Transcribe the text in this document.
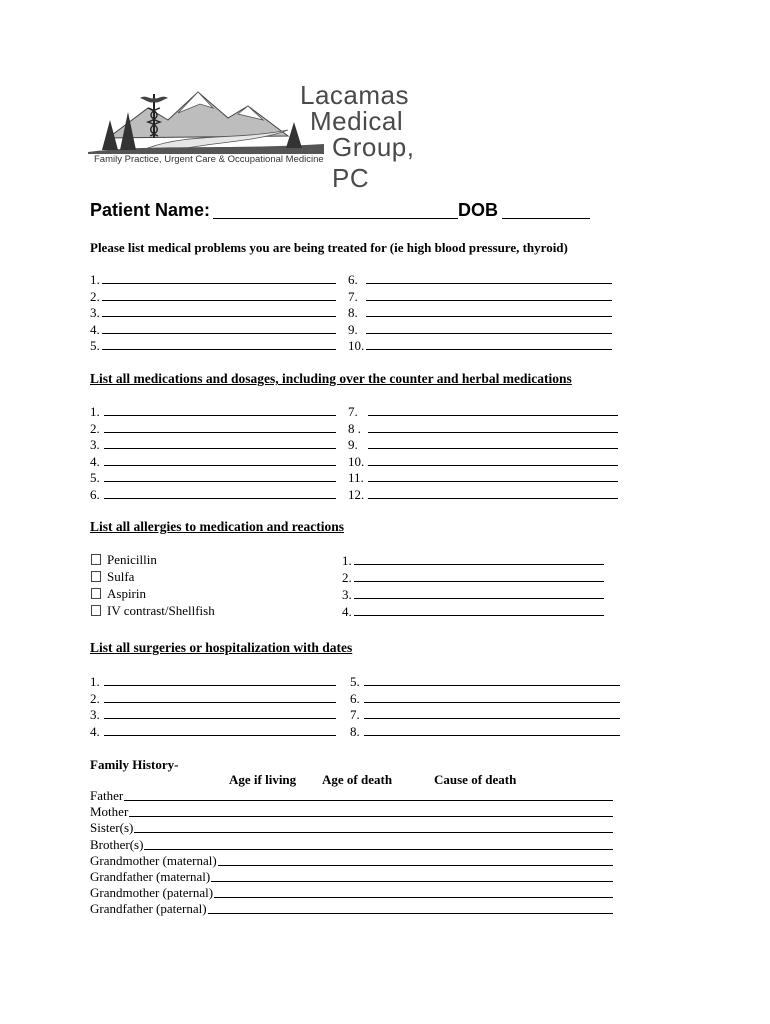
Lacamas
Medical
Group, PC
Family Practice, Urgent Care & Occupational Medicine
Patient Name:	DOB
Please list medical problems you are being treated for (ie high blood pressure, thyroid)
1.
2.
3.
4.
5.
6.
7.
8.
9.
10.
List all medications and dosages, including over the counter and herbal medications
1.
2.
3.
4.
5.
6.
7.
8 .
9.
10.
11.
12.
List all allergies to medication and reactions
Penicillin
Sulfa
Aspirin
IV contrast/Shellfish
1.
2.
3.
4.
List all surgeries or hospitalization with dates
1.
2.
3.
4.
5.
6.
7.
8.
Family History-
Age if living Age of death	Cause of death
Father
Mother
Sister(s)
Brother(s)
Grandmother (maternal)
Grandfather (maternal)
Grandmother (paternal)
Grandfather (paternal)
